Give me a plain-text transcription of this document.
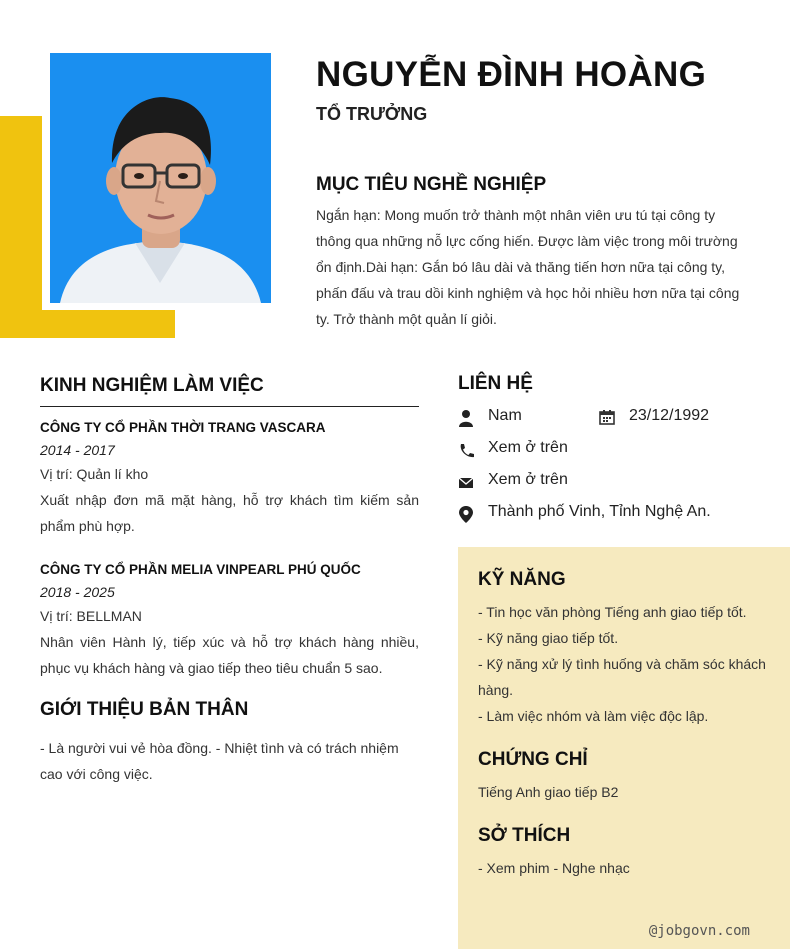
NGUYỄN ĐÌNH HOÀNG
TỔ TRƯỞNG
MỤC TIÊU NGHỀ NGHIỆP
Ngắn hạn: Mong muốn trở thành một nhân viên ưu tú tại công ty thông qua những nỗ lực cống hiến. Được làm việc trong môi trường ổn định.Dài hạn: Gắn bó lâu dài và thăng tiến hơn nữa tại công ty, phấn đấu và trau dồi kinh nghiệm và học hỏi nhiều hơn nữa tại công ty. Trở thành một quản lí giỏi.
KINH NGHIỆM LÀM VIỆC
CÔNG TY CỔ PHẦN THỜI TRANG VASCARA
2014 - 2017
Vị trí: Quản lí kho
Xuất nhập đơn mã mặt hàng, hỗ trợ khách tìm kiếm sản phẩm phù hợp.
CÔNG TY CỔ PHẦN MELIA VINPEARL PHÚ QUỐC
2018 - 2025
Vị trí: BELLMAN
Nhân viên Hành lý, tiếp xúc và hỗ trợ khách hàng nhiều, phục vụ khách hàng và giao tiếp theo tiêu chuẩn 5 sao.
GIỚI THIỆU BẢN THÂN
- Là người vui vẻ hòa đồng. - Nhiệt tình và có trách nhiệm cao với công việc.
LIÊN HỆ
Nam	23/12/1992
Xem ở trên
Xem ở trên
Thành phố Vinh, Tỉnh Nghệ An.
KỸ NĂNG
- Tin học văn phòng Tiếng anh giao tiếp tốt.
- Kỹ năng giao tiếp tốt.
- Kỹ năng xử lý tình huống và chăm sóc khách hàng.
- Làm việc nhóm và làm việc độc lập.
CHỨNG CHỈ
Tiếng Anh giao tiếp B2
SỞ THÍCH
- Xem phim - Nghe nhạc
@jobgovn.com
